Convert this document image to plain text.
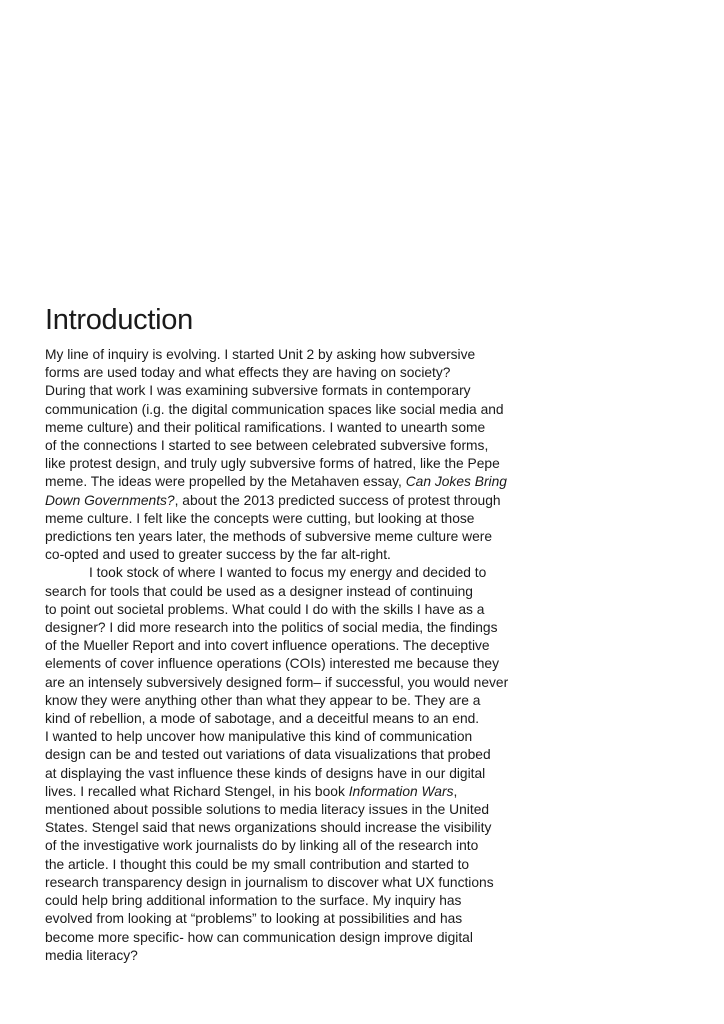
Introduction
My line of inquiry is evolving. I started Unit 2 by asking how subversive
forms are used today and what effects they are having on society?
During that work I was examining subversive formats in contemporary
communication (i.g. the digital communication spaces like social media and
meme culture) and their political ramifications. I wanted to unearth some
of the connections I started to see between celebrated subversive forms,
like protest design, and truly ugly subversive forms of hatred, like the Pepe
meme. The ideas were propelled by the Metahaven essay, Can Jokes Bring
Down Governments?, about the 2013 predicted success of protest through
meme culture. I felt like the concepts were cutting, but looking at those
predictions ten years later, the methods of subversive meme culture were
co-opted and used to greater success by the far alt-right.
I took stock of where I wanted to focus my energy and decided to
search for tools that could be used as a designer instead of continuing
to point out societal problems. What could I do with the skills I have as a
designer? I did more research into the politics of social media, the findings
of the Mueller Report and into covert influence operations. The deceptive
elements of cover influence operations (COIs) interested me because they
are an intensely subversively designed form– if successful, you would never
know they were anything other than what they appear to be. They are a
kind of rebellion, a mode of sabotage, and a deceitful means to an end.
I wanted to help uncover how manipulative this kind of communication
design can be and tested out variations of data visualizations that probed
at displaying the vast influence these kinds of designs have in our digital
lives. I recalled what Richard Stengel, in his book Information Wars,
mentioned about possible solutions to media literacy issues in the United
States. Stengel said that news organizations should increase the visibility
of the investigative work journalists do by linking all of the research into
the article. I thought this could be my small contribution and started to
research transparency design in journalism to discover what UX functions
could help bring additional information to the surface. My inquiry has
evolved from looking at “problems” to looking at possibilities and has
become more specific- how can communication design improve digital
media literacy?
